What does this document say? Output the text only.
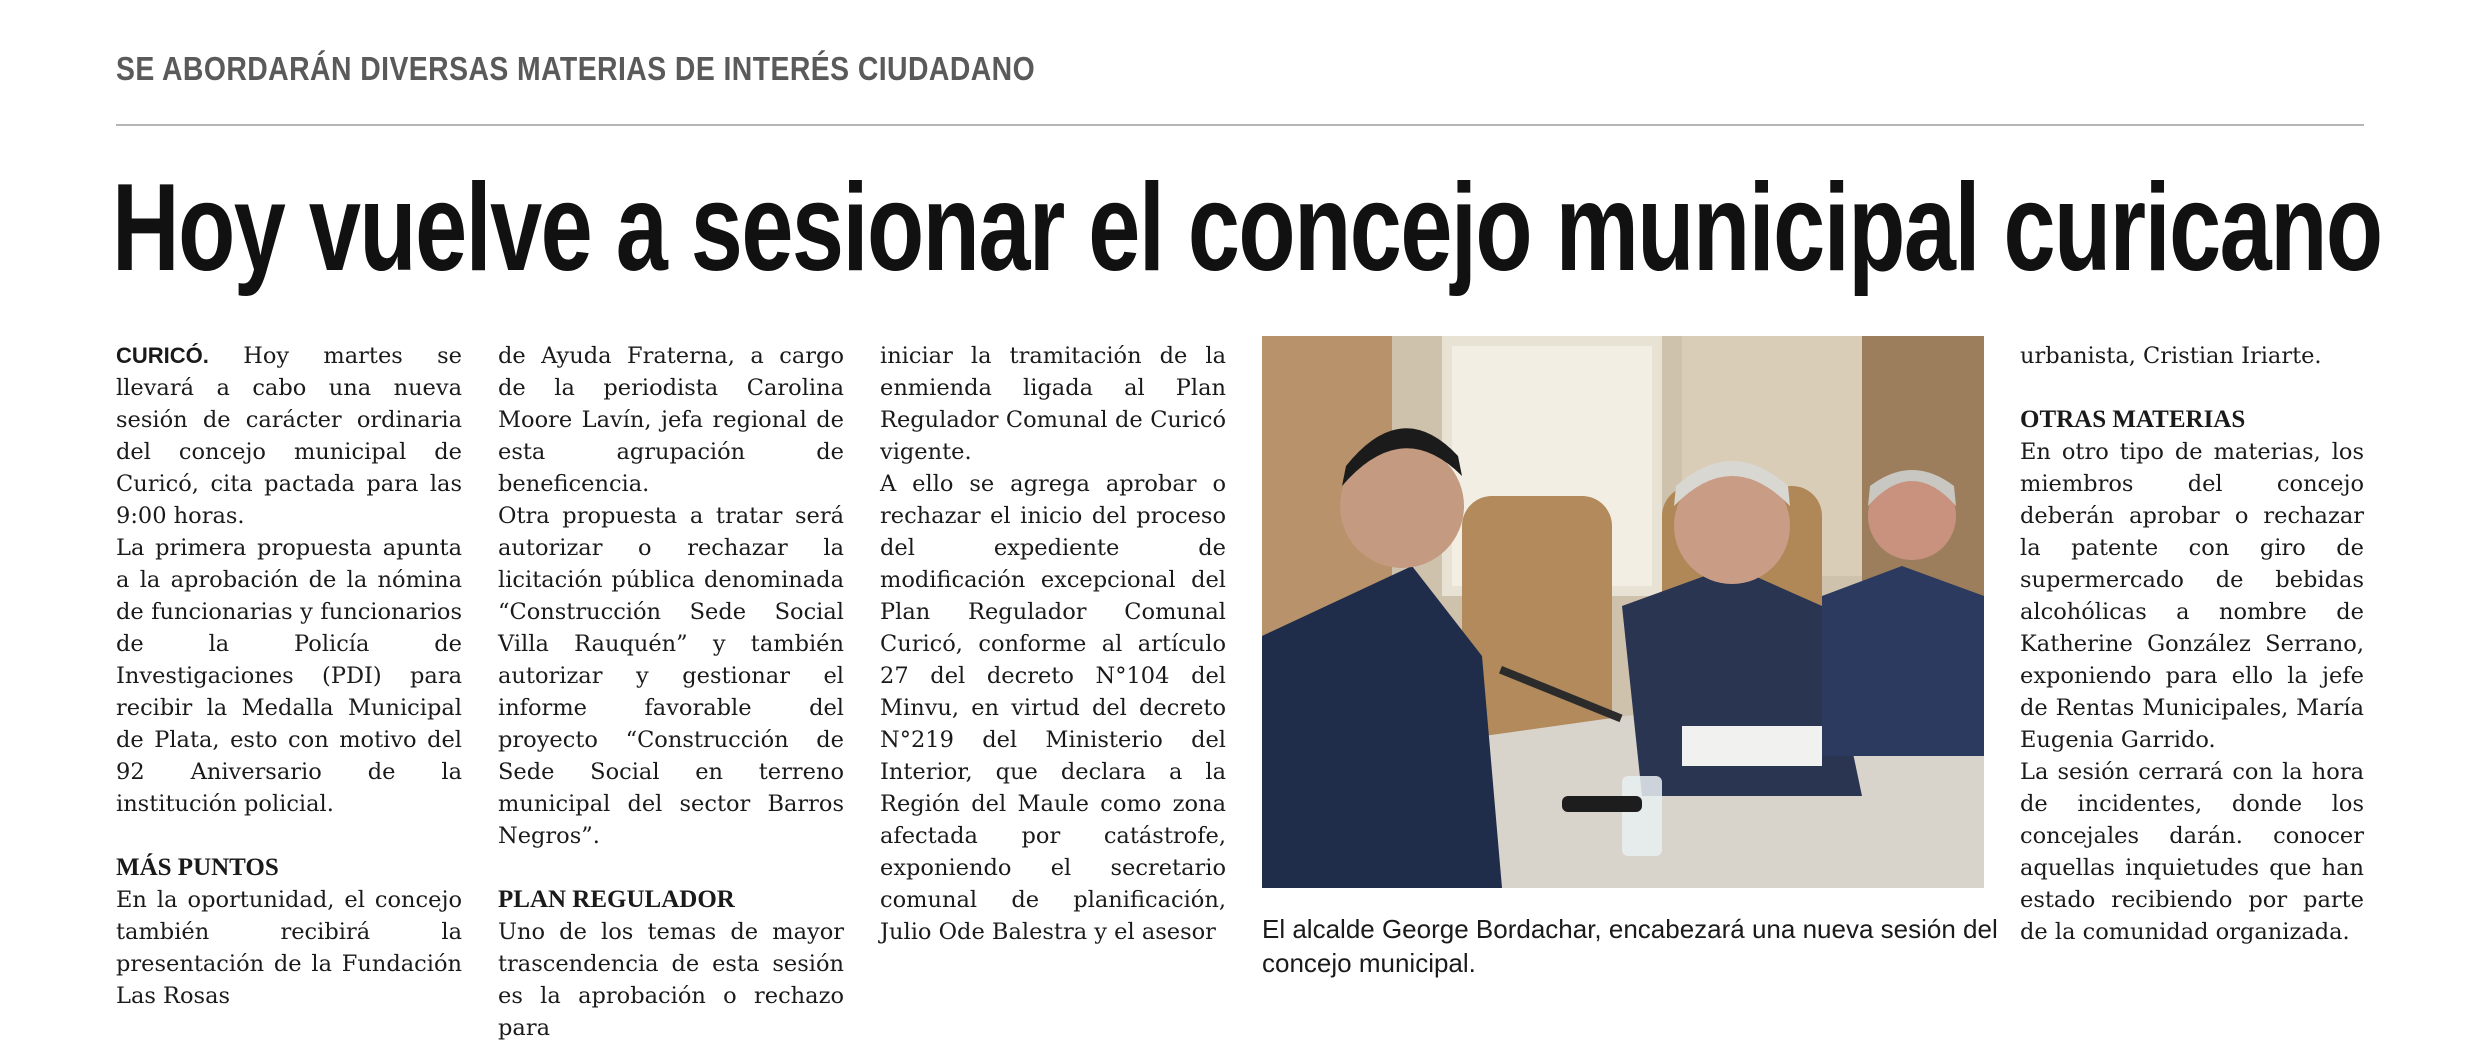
SE ABORDARÁN DIVERSAS MATERIAS DE INTERÉS CIUDADANO
Hoy vuelve a sesionar el concejo municipal curicano

CURICÓ. Hoy martes se llevará a cabo una nueva sesión de carácter ordinaria del concejo municipal de Curicó, cita pactada para las 9:00 horas.

La primera propuesta apunta a la aprobación de la nómina de funcionarias y funcionarios de la Policía de Investigaciones (PDI) para recibir la Medalla Municipal de Plata, esto con motivo del 92 Aniversario de la institución policial.

MÁS PUNTOS

En la oportunidad, el concejo también recibirá la presentación de la Fundación Las Rosas

de Ayuda Fraterna, a cargo de la periodista Carolina Moore Lavín, jefa regional de esta agrupación de beneficencia.

Otra propuesta a tratar será autorizar o rechazar la licitación pública denominada “Construcción Sede Social Villa Rauquén” y también autorizar y gestionar el informe favorable del proyecto “Construcción de Sede Social en terreno municipal del sector Barros Negros”.

PLAN REGULADOR

Uno de los temas de mayor trascendencia de esta sesión es la aprobación o rechazo para

iniciar la tramitación de la enmienda ligada al Plan Regulador Comunal de Curicó vigente.

A ello se agrega aprobar o rechazar el inicio del proceso del expediente de modificación excepcional del Plan Regulador Comunal Curicó, conforme al artículo 27 del decreto N°104 del Minvu, en virtud del decreto N°219 del Ministerio del Interior, que declara a la Región del Maule como zona afectada por catástrofe, exponiendo el secretario comunal de planificación, Julio Ode Balestra y el asesor	El alcalde George Bordachar, encabezará una nueva sesión del concejo municipal.

urbanista, Cristian Iriarte.

OTRAS MATERIAS

En otro tipo de materias, los miembros del concejo deberán aprobar o rechazar la patente con giro de supermercado de bebidas alcohólicas a nombre de Katherine González Serrano, exponiendo para ello la jefe de Rentas Municipales, María Eugenia Garrido.

La sesión cerrará con la hora de incidentes, donde los concejales darán. conocer aquellas inquietudes que han estado recibiendo por parte de la comunidad organizada.
